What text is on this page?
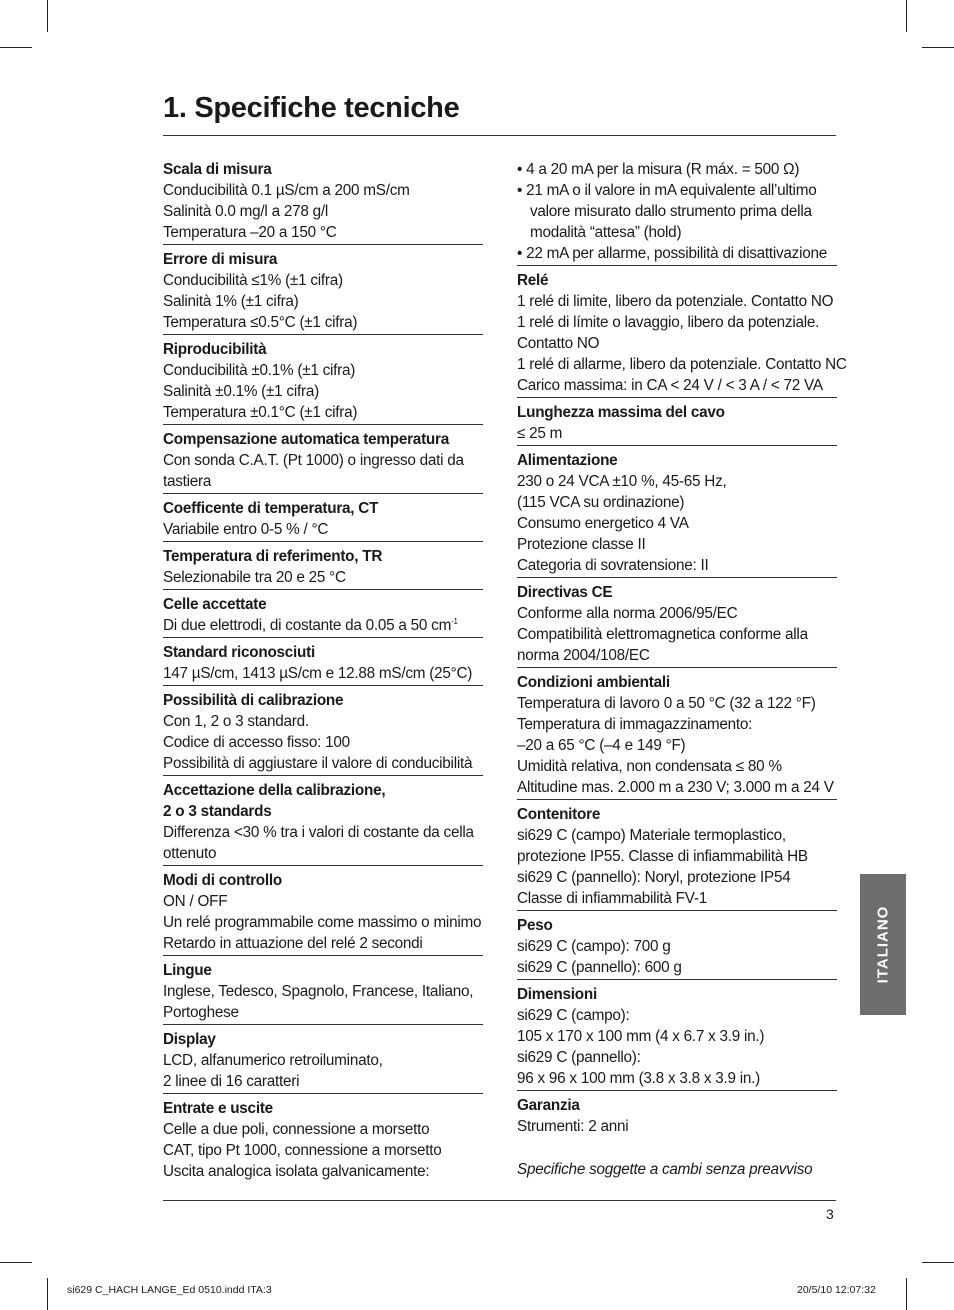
1. Specifiche tecniche
Scala di misura
Conducibilità 0.1 µS/cm a 200 mS/cm
Salinità 0.0 mg/l a 278 g/l
Temperatura –20 a 150 °C
Errore di misura
Conducibilità ≤1% (±1 cifra)
Salinità 1% (±1 cifra)
Temperatura ≤0.5°C (±1 cifra)
Riproducibilità
Conducibilità ±0.1% (±1 cifra)
Salinità ±0.1% (±1 cifra)
Temperatura ±0.1°C (±1 cifra)
Compensazione automatica temperatura
Con sonda C.A.T. (Pt 1000) o ingresso dati da
tastiera
Coefficente di temperatura, CT
Variabile entro 0-5 % / °C
Temperatura di referimento, TR
Selezionabile tra 20 e 25 °C
Celle accettate
Di due elettrodi, di costante da 0.05 a 50 $cm^{-1}$
Standard riconosciuti
147 µS/cm, 1413 µS/cm e 12.88 mS/cm (25°C)
Possibilità di calibrazione
Con 1, 2 o 3 standard.
Codice di accesso fisso: 100
Possibilità di aggiustare il valore di conducibilità
Accettazione della calibrazione,
2 o 3 standards
Differenza <30 % tra i valori di costante da cella
ottenuto
Modi di controllo
ON / OFF
Un relé programmabile come massimo o minimo
Retardo in attuazione del relé 2 secondi
Lingue
Inglese, Tedesco, Spagnolo, Francese, Italiano,
Portoghese
Display
LCD, alfanumerico retroiluminato,
2 linee di 16 caratteri
Entrate e uscite
Celle a due poli, connessione a morsetto
CAT, tipo Pt 1000, connessione a morsetto
Uscita analogica isolata galvanicamente:
• 4 a 20 mA per la misura (R máx. = 500 Ω)
• 21 mA o il valore in mA equivalente all’ultimo
valore misurato dallo strumento prima della
modalità “attesa” (hold)
• 22 mA per allarme, possibilità di disattivazione
Relé
1 relé di limite, libero da potenziale. Contatto NO
1 relé di límite o lavaggio, libero da potenziale.
Contatto NO
1 relé di allarme, libero da potenziale. Contatto NC
Carico massima: in CA < 24 V / < 3 A / < 72 VA
Lunghezza massima del cavo
≤ 25 m
Alimentazione
230 o 24 VCA ±10 %, 45-65 Hz,
(115 VCA su ordinazione)
Consumo energetico 4 VA
Protezione classe II
Categoria di sovratensione: II
Directivas CE
Conforme alla norma 2006/95/EC
Compatibilità elettromagnetica conforme alla
norma 2004/108/EC
Condizioni ambientali
Temperatura di lavoro 0 a 50 °C (32 a 122 °F)
Temperatura di immagazzinamento:
–20 a 65 °C (–4 e 149 °F)
Umidità relativa, non condensata ≤ 80 %
Altitudine mas. 2.000 m a 230 V; 3.000 m a 24 V
Contenitore
si629 C (campo) Materiale termoplastico,
protezione IP55. Classe di infiammabilità HB
si629 C (pannello): Noryl, protezione IP54
Classe di infiammabilità FV-1
Peso
si629 C (campo): 700 g
si629 C (pannello): 600 g
Dimensioni
si629 C (campo):
105 x 170 x 100 mm (4 x 6.7 x 3.9 in.)
si629 C (pannello):
96 x 96 x 100 mm (3.8 x 3.8 x 3.9 in.)
Garanzia
Strumenti: 2 anni
Specifiche soggette a cambi senza preavviso
3
ITALIANO
si629 C_HACH LANGE_Ed 0510.indd ITA:3	20/5/10 12:07:32
